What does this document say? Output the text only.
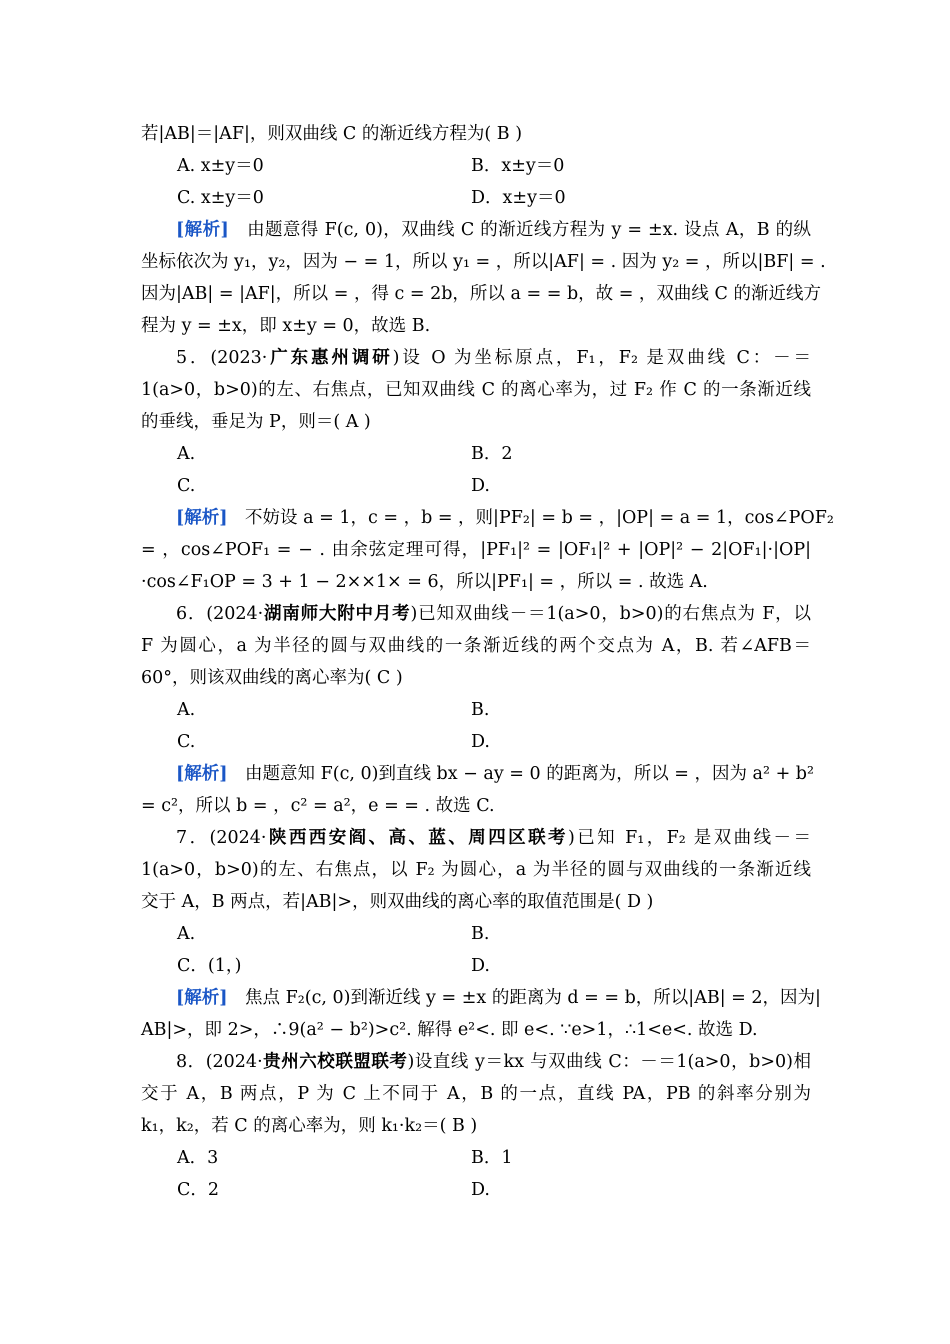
若|AB|＝|AF|，则双曲线 C 的渐近线方程为( B )
A. x±y＝0	B．x±y＝0
C. x±y＝0	D．x±y＝0
[解析]　由题意得 F(c, 0)，双曲线 C 的渐近线方程为 y = ±x. 设点 A，B 的纵
坐标依次为 y₁，y₂，因为 − = 1，所以 y₁ = ，所以|AF| = . 因为 y₂ = ，所以|BF| = .
因为|AB| = |AF|，所以 = ，得 c = 2b，所以 a = = b，故 = ，双曲线 C 的渐近线方
程为 y = ±x，即 x±y = 0，故选 B.
5．(2023·广东惠州调研)设 O 为坐标原点，F₁，F₂ 是双曲线 C：－＝
1(a>0，b>0)的左、右焦点，已知双曲线 C 的离心率为，过 F₂ 作 C 的一条渐近线
的垂线，垂足为 P，则＝( A )
A.	B．2
C.	D.
[解析]　不妨设 a = 1，c = ，b = ，则|PF₂| = b = ，|OP| = a = 1，cos∠POF₂
= ，cos∠POF₁ = − . 由余弦定理可得，|PF₁|² = |OF₁|² + |OP|² − 2|OF₁|·|OP|
·cos∠F₁OP = 3 + 1 − 2××1× = 6，所以|PF₁| = ，所以 = . 故选 A.
6．(2024·湖南师大附中月考)已知双曲线－＝1(a>0，b>0)的右焦点为 F，以
F 为圆心，a 为半径的圆与双曲线的一条渐近线的两个交点为 A，B. 若∠AFB＝
60°，则该双曲线的离心率为( C )
A.	B.
C.	D.
[解析]　由题意知 F(c, 0)到直线 bx − ay = 0 的距离为，所以 = ，因为 a² + b²
= c²，所以 b = ，c² = a²，e = = . 故选 C.
7．(2024·陕西西安阎、高、蓝、周四区联考)已知 F₁，F₂ 是双曲线－＝
1(a>0，b>0)的左、右焦点，以 F₂ 为圆心，a 为半径的圆与双曲线的一条渐近线
交于 A，B 两点，若|AB|>，则双曲线的离心率的取值范围是( D )
A.	B.
C．(1，)	D.
[解析]　焦点 F₂(c, 0)到渐近线 y = ±x 的距离为 d = = b，所以|AB| = 2，因为|
AB|>，即 2>，∴9(a² − b²)>c². 解得 e²<. 即 e<. ∵e>1，∴1<e<. 故选 D.
8．(2024·贵州六校联盟联考)设直线 y＝kx 与双曲线 C：－＝1(a>0，b>0)相
交于 A，B 两点，P 为 C 上不同于 A，B 的一点，直线 PA，PB 的斜率分别为
k₁，k₂，若 C 的离心率为，则 k₁·k₂＝( B )
A．3	B．1
C．2	D.
